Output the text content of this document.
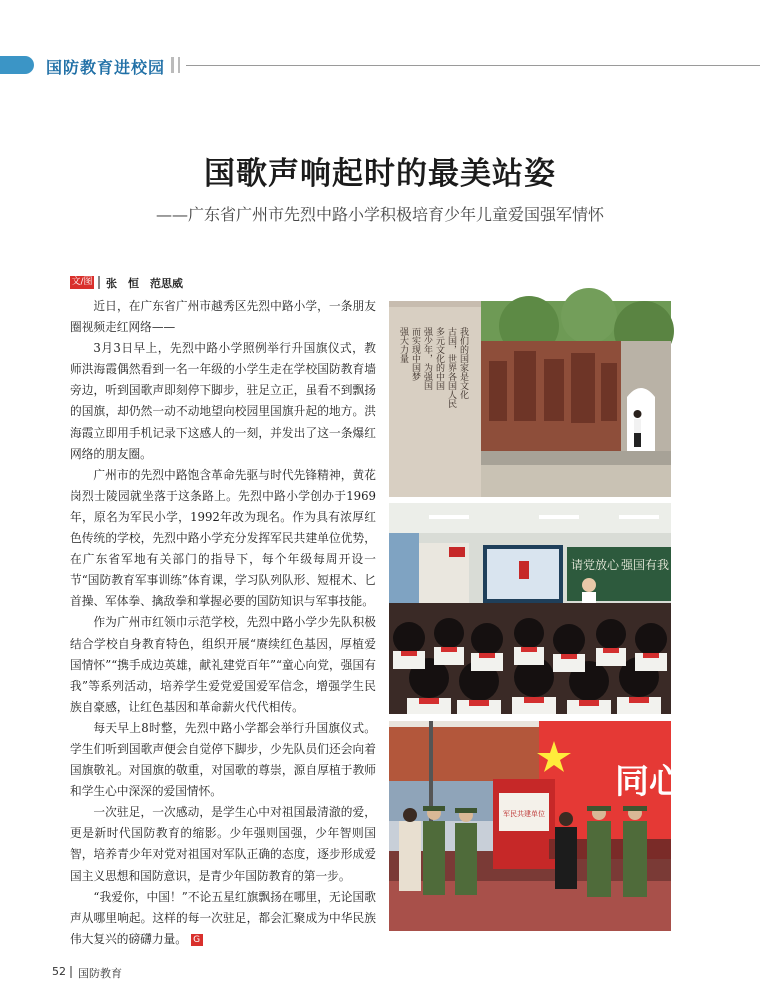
国防教育进校园
国歌声响起时的最美站姿
——广东省广州市先烈中路小学积极培育少年儿童爱国强军情怀
文/图 张　恒　范思威

近日，在广东省广州市越秀区先烈中路小学，一条朋友圈视频走红网络——

3月3日早上，先烈中路小学照例举行升国旗仪式，教师洪海霞偶然看到一名一年级的小学生走在学校国防教育墙旁边，听到国歌声即刻停下脚步，驻足立正，虽看不到飘扬的国旗，却仍然一动不动地望向校园里国旗升起的地方。洪海霞立即用手机记录下这感人的一刻，并发出了这一条爆红网络的朋友圈。

广州市的先烈中路饱含革命先驱与时代先锋精神，黄花岗烈士陵园就坐落于这条路上。先烈中路小学创办于1969年，原名为军民小学，1992年改为现名。作为具有浓厚红色传统的学校，先烈中路小学充分发挥军民共建单位优势，在广东省军地有关部门的指导下，每个年级每周开设一节“国防教育军事训练”体育课，学习队列队形、短棍术、匕首操、军体拳、擒敌拳和掌握必要的国防知识与军事技能。

作为广州市红领巾示范学校，先烈中路小学少先队积极结合学校自身教育特色，组织开展“赓续红色基因，厚植爱国情怀”“携手成边英雄，献礼建党百年”“童心向党，强国有我”等系列活动，培养学生爱党爱国爱军信念，增强学生民族自豪感，让红色基因和革命薪火代代相传。

每天早上8时整，先烈中路小学都会举行升国旗仪式。学生们听到国歌声便会自觉停下脚步，少先队员们还会向着国旗敬礼。对国旗的敬重，对国歌的尊崇，源自厚植于教师和学生心中深深的爱国情怀。

一次驻足，一次感动，是学生心中对祖国最清澈的爱，更是新时代国防教育的缩影。少年强则国强，少年智则国智，培养青少年对党对祖国对军队正确的态度，逐步形成爱国主义思想和国防意识，是青少年国防教育的第一步。

“我爱你，中国！”不论五星红旗飘扬在哪里，无论国歌声从哪里响起。这样的每一次驻足，都会汇聚成为中华民族伟大复兴的磅礴力量。 G

我们的国家是文化
古国，世界各国人民
多元文化的中国
强少年，为强国
而实现中国梦
强大力量
请党放心 强国有我
同心
军民共建单位
52 国防教育
